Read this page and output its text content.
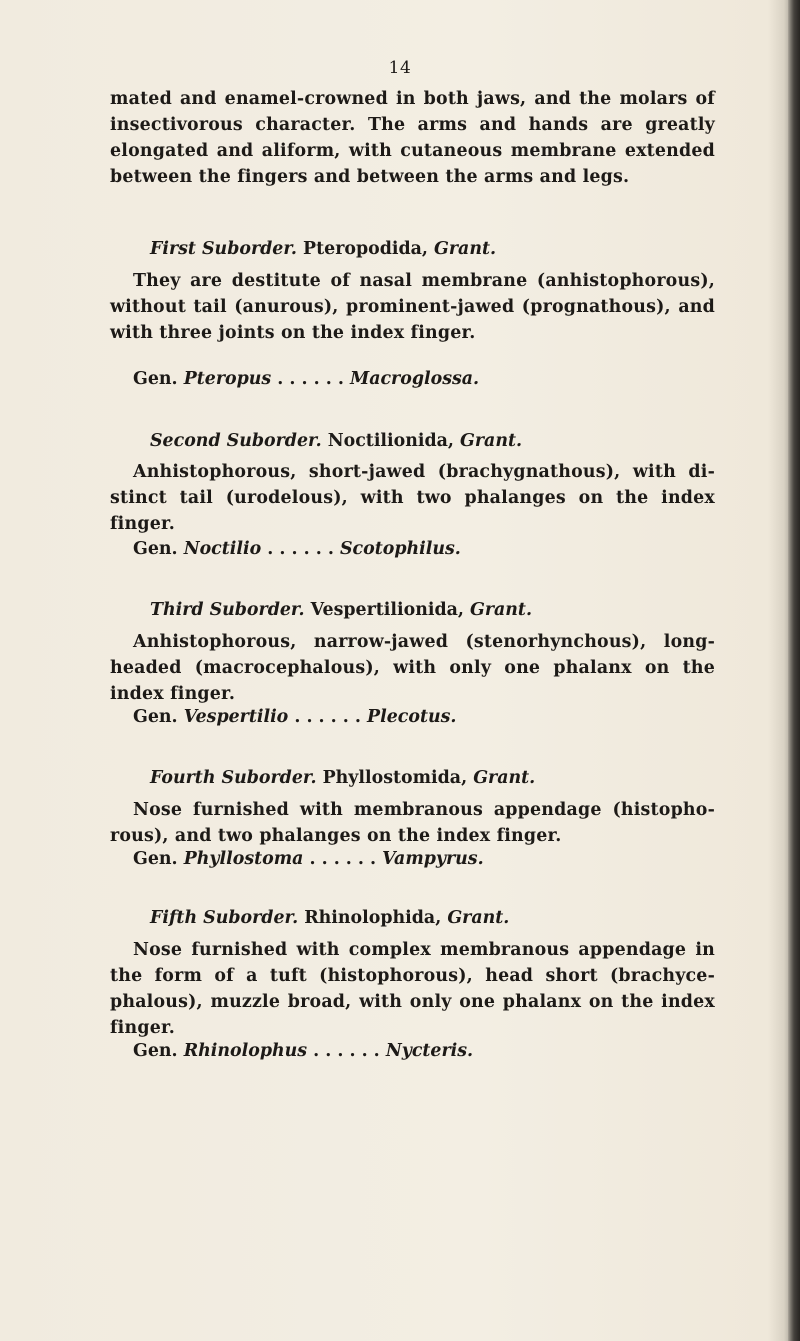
14
mated and enamel-crowned in both jaws, and the molars of
insectivorous character. The arms and hands are greatly
elongated and aliform, with cutaneous membrane extended
between the fingers and between the arms and legs.
First Suborder. Pteropodida, Grant.
They are destitute of nasal membrane (anhistophorous),
without tail (anurous), prominent-jawed (prognathous), and
with three joints on the index finger.
Gen. Pteropus . . . . . . Macroglossa.
Second Suborder. Noctilionida, Grant.
Anhistophorous, short-jawed (brachygnathous), with di-
stinct tail (urodelous), with two phalanges on the index
finger.
Gen. Noctilio . . . . . . Scotophilus.
Third Suborder. Vespertilionida, Grant.
Anhistophorous, narrow-jawed (stenorhynchous), long-
headed (macrocephalous), with only one phalanx on the
index finger.
Gen. Vespertilio . . . . . . Plecotus.
Fourth Suborder. Phyllostomida, Grant.
Nose furnished with membranous appendage (histopho-
rous), and two phalanges on the index finger.
Gen. Phyllostoma . . . . . . Vampyrus.
Fifth Suborder. Rhinolophida, Grant.
Nose furnished with complex membranous appendage in
the form of a tuft (histophorous), head short (brachyce-
phalous), muzzle broad, with only one phalanx on the index
finger.
Gen. Rhinolophus . . . . . . Nycteris.
